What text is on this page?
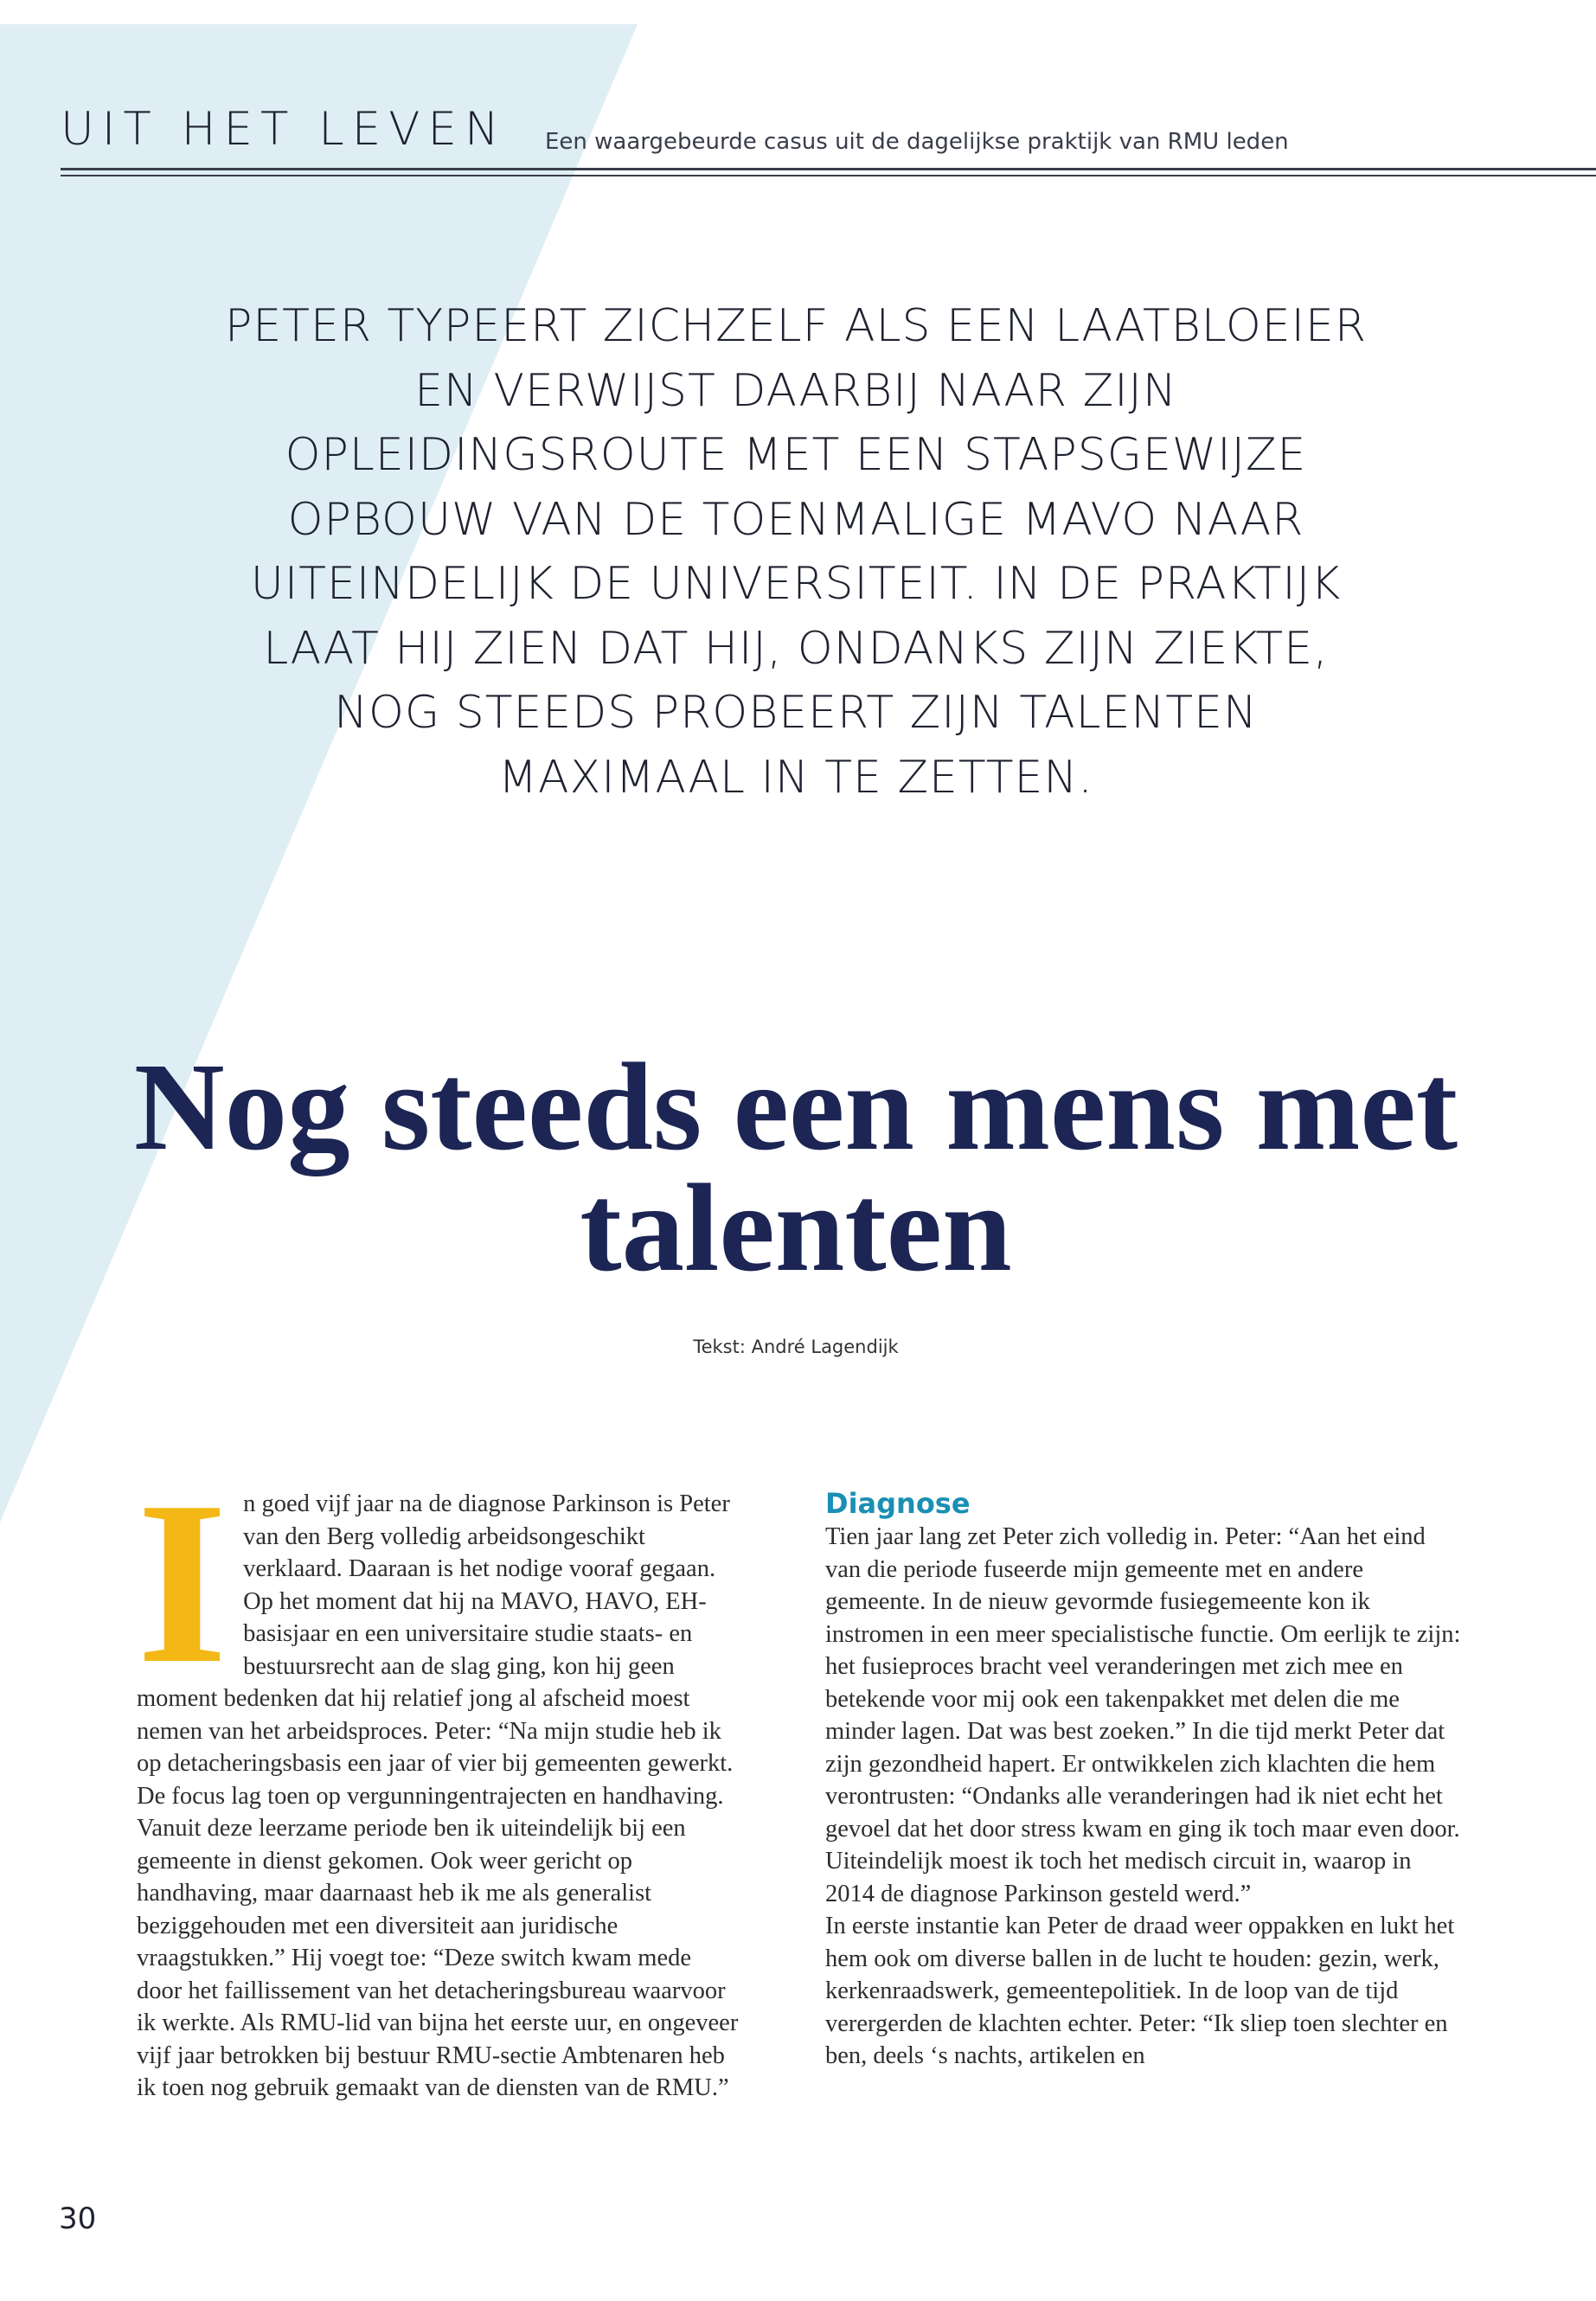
UIT HET LEVEN Een waargebeurde casus uit de dagelijkse praktijk van RMU leden

PETER TYPEERT ZICHZELF ALS EEN LAATBLOEIER EN VERWIJST DAARBIJ NAAR ZIJN OPLEIDINGSROUTE MET EEN STAPSGEWIJZE OPBOUW VAN DE TOENMALIGE MAVO NAAR UITEINDELIJK DE UNIVERSITEIT. IN DE PRAKTIJK LAAT HIJ ZIEN DAT HIJ, ONDANKS ZIJN ZIEKTE, NOG STEEDS PROBEERT ZIJN TALENTEN MAXIMAAL IN TE ZETTEN.

Nog steeds een mens met talenten
Tekst: André Lagendijk
I n goed vijf jaar na de diagnose Parkinson is Peter van den Berg volledig arbeidsongeschikt verklaard. Daaraan is het nodige vooraf gegaan. Op het moment dat hij na MAVO, HAVO, EH-basisjaar en een universitaire studie staats- en bestuursrecht aan de slag ging, kon hij geen moment bedenken dat hij relatief jong al afscheid moest nemen van het arbeidsproces. Peter: “Na mijn studie heb ik op detacheringsbasis een jaar of vier bij gemeenten gewerkt. De focus lag toen op vergunningentrajecten en handhaving. Vanuit deze leerzame periode ben ik uiteindelijk bij een gemeente in dienst gekomen. Ook weer gericht op handhaving, maar daarnaast heb ik me als generalist beziggehouden met een diversiteit aan juridische vraagstukken.” Hij voegt toe: “Deze switch kwam mede door het faillissement van het detacheringsbureau waarvoor ik werkte. Als RMU-lid van bijna het eerste uur, en ongeveer vijf jaar betrokken bij bestuur RMU-sectie Ambtenaren heb ik toen nog gebruik gemaakt van de diensten van de RMU.”

Diagnose

Tien jaar lang zet Peter zich volledig in. Peter: “Aan het eind van die periode fuseerde mijn gemeente met en andere gemeente. In de nieuw gevormde fusiegemeente kon ik instromen in een meer specialistische functie. Om eerlijk te zijn: het fusieproces bracht veel veranderingen met zich mee en betekende voor mij ook een takenpakket met delen die me minder lagen. Dat was best zoeken.” In die tijd merkt Peter dat zijn gezondheid hapert. Er ontwikkelen zich klachten die hem verontrusten: “Ondanks alle veranderingen had ik niet echt het gevoel dat het door stress kwam en ging ik toch maar even door. Uiteindelijk moest ik toch het medisch circuit in, waarop in 2014 de diagnose Parkinson gesteld werd.”

In eerste instantie kan Peter de draad weer oppakken en lukt het hem ook om diverse ballen in de lucht te houden: gezin, werk, kerkenraadswerk, gemeentepolitiek. In de loop van de tijd verergerden de klachten echter. Peter: “Ik sliep toen slechter en ben, deels ‘s nachts, artikelen en

30
